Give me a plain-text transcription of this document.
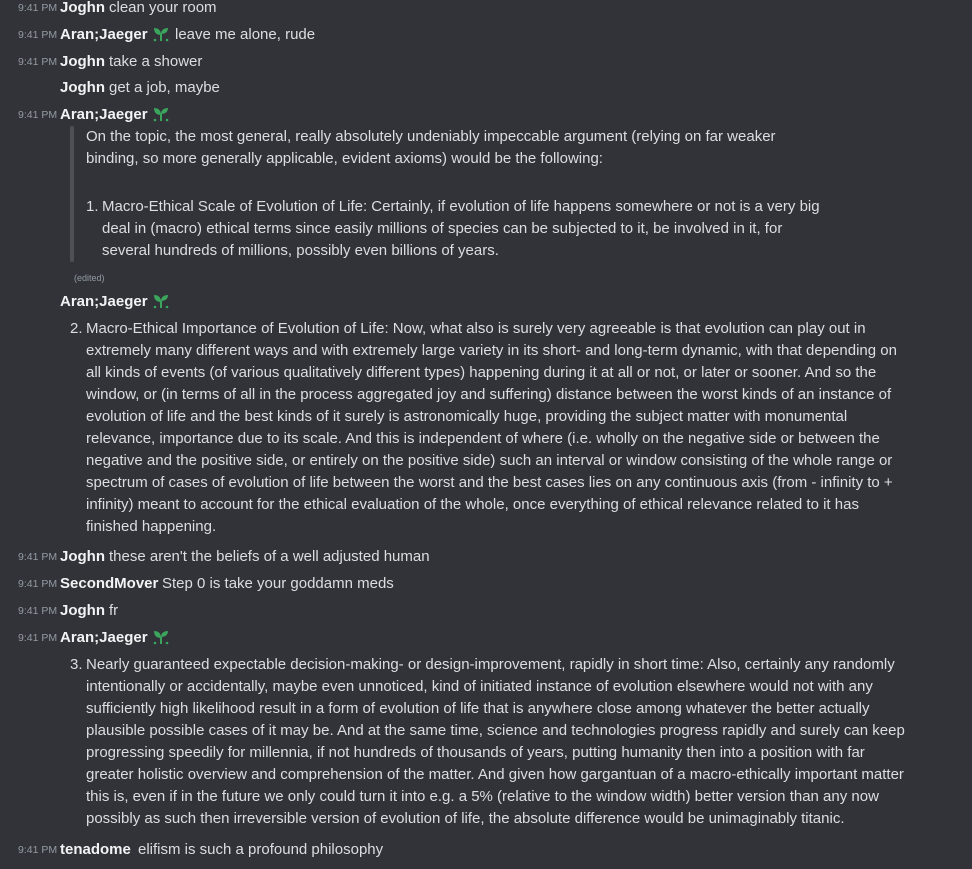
9:41 PM Joghn clean your room
9:41 PM Aran;Jaeger	leave me alone, rude
9:41 PM Joghn take a shower
Joghn get a job, maybe
9:41 PM Aran;Jaeger
On the topic, the most general, really absolutely undeniably impeccable argument (relying on far weaker
binding, so more generally applicable, evident axioms) would be the following:
1. Macro-Ethical Scale of Evolution of Life: Certainly, if evolution of life happens somewhere or not is a very big
deal in (macro) ethical terms since easily millions of species can be subjected to it, be involved in it, for
several hundreds of millions, possibly even billions of years.
(edited)
Aran;Jaeger
2. Macro-Ethical Importance of Evolution of Life: Now, what also is surely very agreeable is that evolution can play out in
extremely many different ways and with extremely large variety in its short- and long-term dynamic, with that depending on
all kinds of events (of various qualitatively different types) happening during it at all or not, or later or sooner. And so the
window, or (in terms of all in the process aggregated joy and suffering) distance between the worst kinds of an instance of
evolution of life and the best kinds of it surely is astronomically huge, providing the subject matter with monumental
relevance, importance due to its scale. And this is independent of where (i.e. wholly on the negative side or between the
negative and the positive side, or entirely on the positive side) such an interval or window consisting of the whole range or
spectrum of cases of evolution of life between the worst and the best cases lies on any continuous axis (from - infinity to +
infinity) meant to account for the ethical evaluation of the whole, once everything of ethical relevance related to it has
finished happening.
9:41 PM Joghn these aren't the beliefs of a well adjusted human
9:41 PM SecondMover Step 0 is take your goddamn meds
9:41 PM Joghn fr
9:41 PM Aran;Jaeger
3. Nearly guaranteed expectable decision-making- or design-improvement, rapidly in short time: Also, certainly any randomly
intentionally or accidentally, maybe even unnoticed, kind of initiated instance of evolution elsewhere would not with any
sufficiently high likelihood result in a form of evolution of life that is anywhere close among whatever the better actually
plausible possible cases of it may be. And at the same time, science and technologies progress rapidly and surely can keep
progressing speedily for millennia, if not hundreds of thousands of years, putting humanity then into a position with far
greater holistic overview and comprehension of the matter. And given how gargantuan of a macro-ethically important matter
this is, even if in the future we only could turn it into e.g. a 5% (relative to the window width) better version than any now
possibly as such then irreversible version of evolution of life, the absolute difference would be unimaginably titanic.
9:41 PM tenadome elifism is such a profound philosophy
